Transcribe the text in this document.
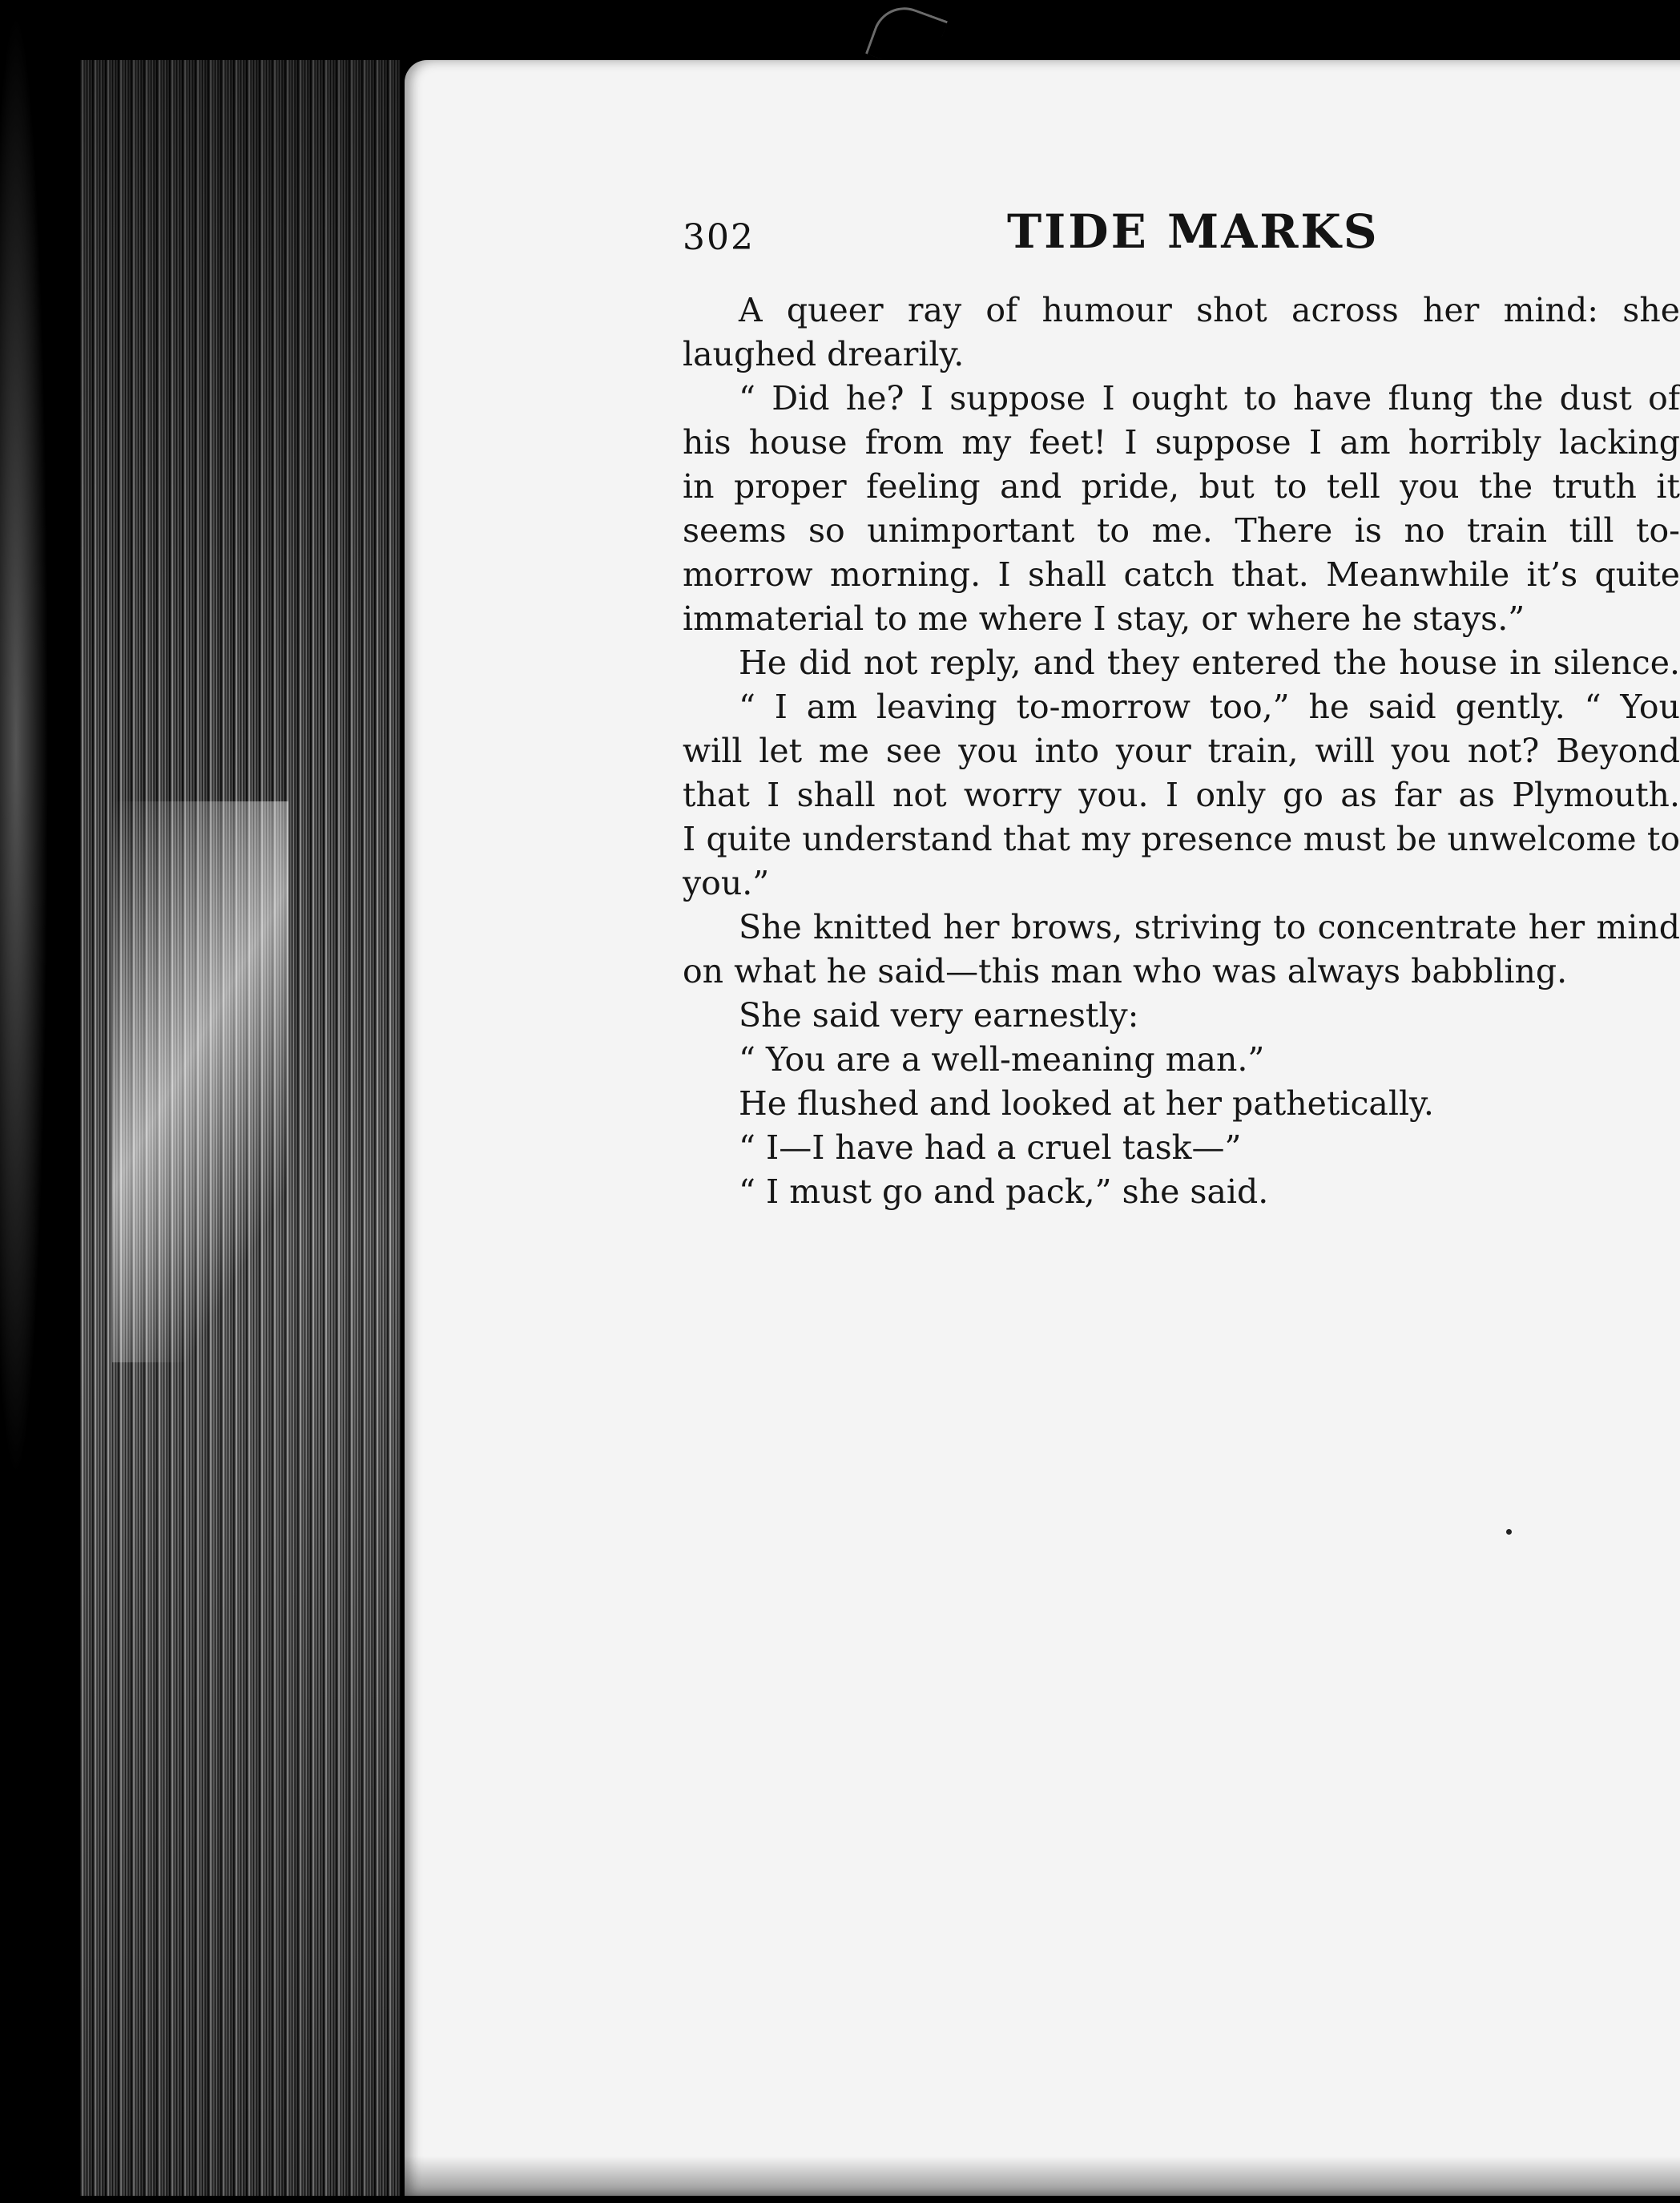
302	TIDE MARKS
A queer ray of humour shot across her mind: she
laughed drearily.
“ Did he? I suppose I ought to have flung the dust of
his house from my feet! I suppose I am horribly lacking
in proper feeling and pride, but to tell you the truth it
seems so unimportant to me. There is no train till to-
morrow morning. I shall catch that. Meanwhile it’s quite
immaterial to me where I stay, or where he stays.”
He did not reply, and they entered the house in silence.
“ I am leaving to-morrow too,” he said gently. “ You
will let me see you into your train, will you not? Beyond
that I shall not worry you. I only go as far as Plymouth.
I quite understand that my presence must be unwelcome to
you.”
She knitted her brows, striving to concentrate her mind
on what he said—this man who was always babbling.
She said very earnestly:
“ You are a well-meaning man.”
He flushed and looked at her pathetically.
“ I—I have had a cruel task—”
“ I must go and pack,” she said.
